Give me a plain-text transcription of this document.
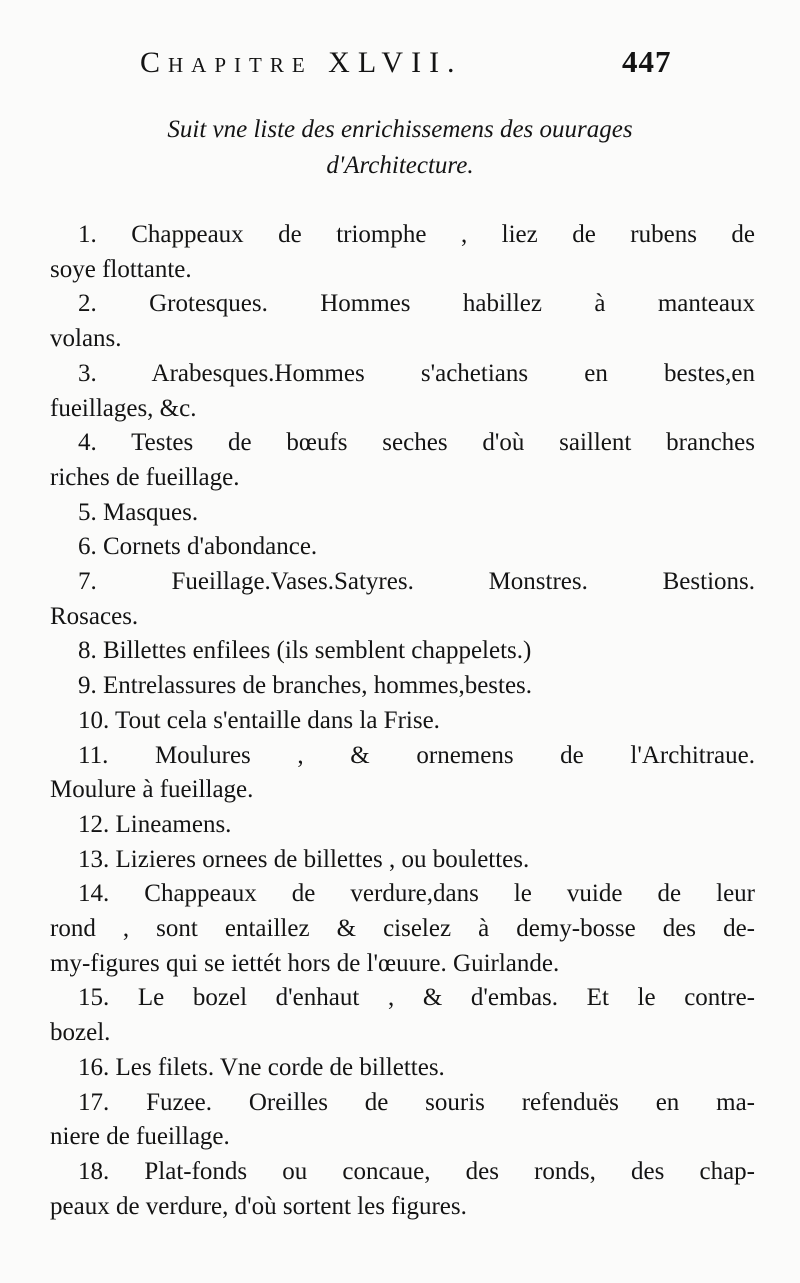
Chapitre XLVII.	447
Suit vne liste des enrichissemens des ouurages
d'Architecture.
1. Chappeaux de triomphe , liez de rubens de
soye flottante.
2. Grotesques. Hommes habillez à manteaux
volans.
3. Arabesques.Hommes s'achetians en bestes,en
fueillages, &c.
4. Testes de bœufs seches d'où saillent branches
riches de fueillage.
5. Masques.
6. Cornets d'abondance.
7. Fueillage.Vases.Satyres. Monstres. Bestions.
Rosaces.
8. Billettes enfilees (ils semblent chappelets.)
9. Entrelassures de branches, hommes,bestes.
10. Tout cela s'entaille dans la Frise.
11. Moulures , & ornemens de l'Architraue.
Moulure à fueillage.
12. Lineamens.
13. Lizieres ornees de billettes , ou boulettes.
14. Chappeaux de verdure,dans le vuide de leur
rond , sont entaillez & ciselez à demy-bosse des de-
my-figures qui se iettét hors de l'œuure. Guirlande.
15. Le bozel d'enhaut , & d'embas. Et le contre-
bozel.
16. Les filets. Vne corde de billettes.
17. Fuzee. Oreilles de souris refenduës en ma-
niere de fueillage.
18. Plat-fonds ou concaue, des ronds, des chap-
peaux de verdure, d'où sortent les figures.
